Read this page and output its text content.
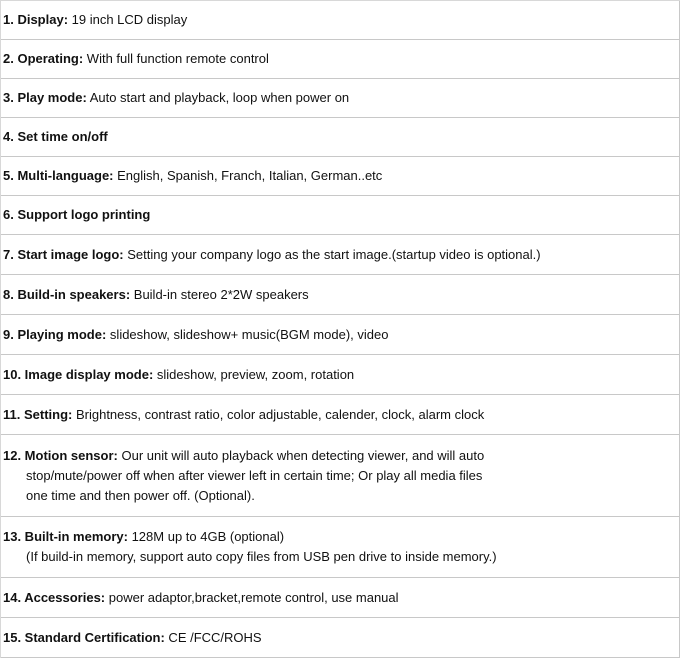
1. Display: 19 inch LCD display
2. Operating: With full function remote control
3. Play mode: Auto start and playback, loop when power on
4. Set time on/off
5. Multi-language: English, Spanish, Franch, Italian, German..etc
6. Support logo printing
7. Start image logo: Setting your company logo as the start image.(startup video is optional.)
8. Build-in speakers: Build-in stereo 2*2W speakers
9. Playing mode: slideshow, slideshow+ music(BGM mode), video
10. Image display mode: slideshow, preview, zoom, rotation
11. Setting: Brightness, contrast ratio, color adjustable, calender, clock, alarm clock
12. Motion sensor: Our unit will auto playback when detecting viewer, and will auto
stop/mute/power off when after viewer left in certain time; Or play all media files
one time and then power off. (Optional).
13. Built-in memory: 128M up to 4GB (optional)
(If build-in memory, support auto copy files from USB pen drive to inside memory.)
14. Accessories: power adaptor,bracket,remote control, use manual
15. Standard Certification: CE /FCC/ROHS
